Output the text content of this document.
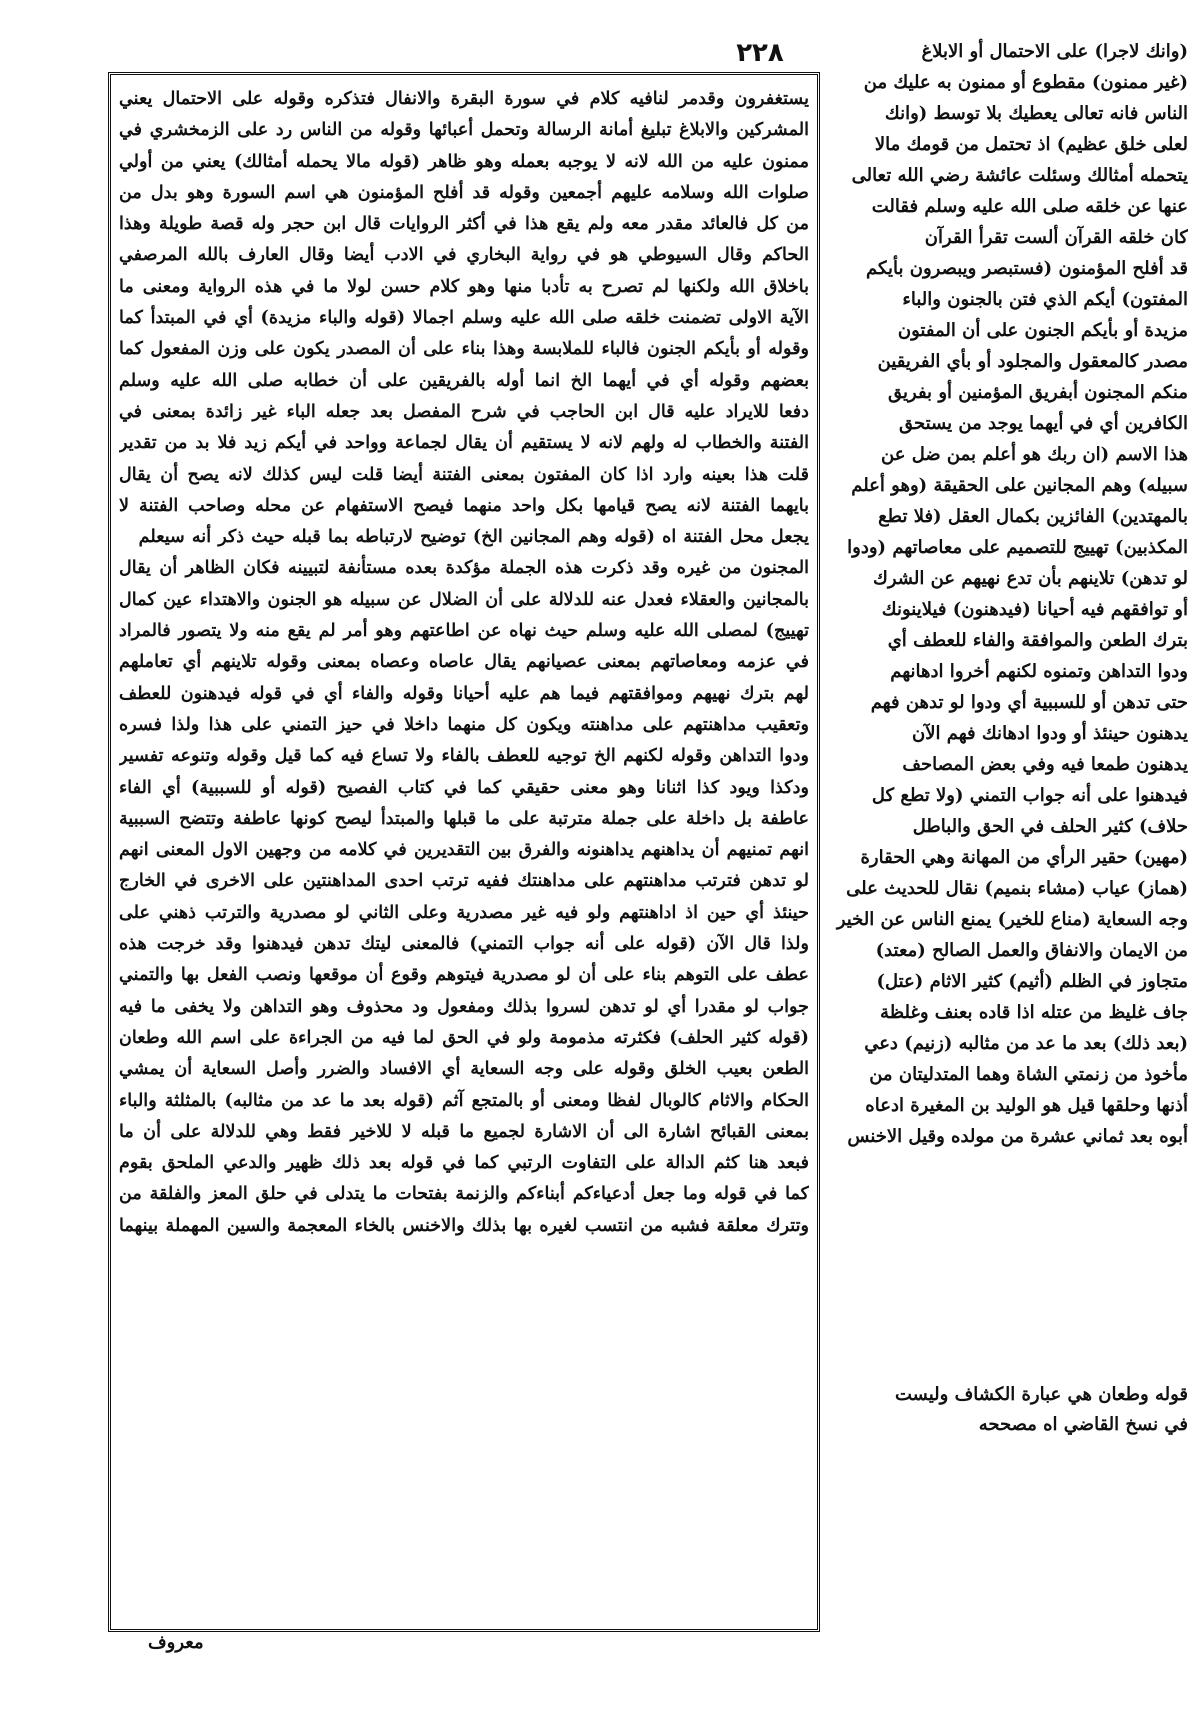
٢٢٨
يستغفرون وقدمر لنافيه كلام في سورة البقرة والانفال فتذكره وقوله على الاحتمال يعني
المشركين والابلاغ تبليغ أمانة الرسالة وتحمل أعبائها وقوله من الناس رد على الزمخشري في
ممنون عليه من الله لانه لا يوجبه بعمله وهو ظاهر (قوله مالا يحمله أمثالك) يعني من أولي
صلوات الله وسلامه عليهم أجمعين وقوله قد أفلح المؤمنون هي اسم السورة وهو بدل من
من كل فالعائد مقدر معه ولم يقع هذا في أكثر الروايات قال ابن حجر وله قصة طويلة وهذا
الحاكم وقال السيوطي هو في رواية البخاري في الادب أيضا وقال العارف بالله المرصفي
باخلاق الله ولكنها لم تصرح به تأدبا منها وهو كلام حسن لولا ما في هذه الرواية ومعنى ما
الآية الاولى تضمنت خلقه صلى الله عليه وسلم اجمالا (قوله والباء مزيدة) أي في المبتدأ كما
وقوله أو بأيكم الجنون فالباء للملابسة وهذا بناء على أن المصدر يكون على وزن المفعول كما
بعضهم وقوله أي في أيهما الخ انما أوله بالفريقين على أن خطابه صلى الله عليه وسلم
دفعا للايراد عليه قال ابن الحاجب في شرح المفصل بعد جعله الباء غير زائدة بمعنى في
الفتنة والخطاب له ولهم لانه لا يستقيم أن يقال لجماعة وواحد في أيكم زيد فلا بد من تقدير
قلت هذا بعينه وارد اذا كان المفتون بمعنى الفتنة أيضا قلت ليس كذلك لانه يصح أن يقال
بايهما الفتنة لانه يصح قيامها بكل واحد منهما فيصح الاستفهام عن محله وصاحب الفتنة لا
يجعل محل الفتنة اه (قوله وهم المجانين الخ) توضيح لارتباطه بما قبله حيث ذكر أنه سيعلم
المجنون من غيره وقد ذكرت هذه الجملة مؤكدة بعده مستأنفة لتبيينه فكان الظاهر أن يقال
بالمجانين والعقلاء فعدل عنه للدلالة على أن الضلال عن سبيله هو الجنون والاهتداء عين كمال
تهييج) لمصلى الله عليه وسلم حيث نهاه عن اطاعتهم وهو أمر لم يقع منه ولا يتصور فالمراد
في عزمه ومعاصاتهم بمعنى عصيانهم يقال عاصاه وعصاه بمعنى وقوله تلاينهم أي تعاملهم
لهم بترك نهيهم وموافقتهم فيما هم عليه أحيانا وقوله والفاء أي في قوله فيدهنون للعطف
وتعقيب مداهنتهم على مداهنته ويكون كل منهما داخلا في حيز التمني على هذا ولذا فسره
ودوا التداهن وقوله لكنهم الخ توجيه للعطف بالفاء ولا تساع فيه كما قيل وقوله وتنوعه تفسير
ودكذا ويود كذا اثنانا وهو معنى حقيقي كما في كتاب الفصيح (قوله أو للسببية) أي الفاء
عاطفة بل داخلة على جملة مترتبة على ما قبلها والمبتدأ ليصح كونها عاطفة وتتضح السببية
انهم تمنيهم أن يداهنهم يداهنونه والفرق بين التقديرين في كلامه من وجهين الاول المعنى انهم
لو تدهن فترتب مداهنتهم على مداهنتك ففيه ترتب احدى المداهنتين على الاخرى في الخارج
حينئذ أي حين اذ اداهنتهم ولو فيه غير مصدرية وعلى الثاني لو مصدرية والترتب ذهني على
ولذا قال الآن (قوله على أنه جواب التمني) فالمعنى ليتك تدهن فيدهنوا وقد خرجت هذه
عطف على التوهم بناء على أن لو مصدرية فيتوهم وقوع أن موقعها ونصب الفعل بها والتمني
جواب لو مقدرا أي لو تدهن لسروا بذلك ومفعول ود محذوف وهو التداهن ولا يخفى ما فيه
(قوله كثير الحلف) فكثرته مذمومة ولو في الحق لما فيه من الجراءة على اسم الله وطعان
الطعن بعيب الخلق وقوله على وجه السعاية أي الافساد والضرر وأصل السعاية أن يمشي
الحكام والاثام كالوبال لفظا ومعنى أو بالمتجع آثم (قوله بعد ما عد من مثالبه) بالمثلثة والباء
بمعنى القبائح اشارة الى أن الاشارة لجميع ما قبله لا للاخير فقط وهي للدلالة على أن ما
فبعد هنا كثم الدالة على التفاوت الرتبي كما في قوله بعد ذلك ظهير والدعي الملحق بقوم
كما في قوله وما جعل أدعياءكم أبناءكم والزنمة بفتحات ما يتدلى في حلق المعز والفلقة من
وتترك معلقة فشبه من انتسب لغيره بها بذلك والاخنس بالخاء المعجمة والسين المهملة بينهما
(وانك لاجرا) على الاحتمال أو الابلاغ
(غير ممنون) مقطوع أو ممنون به عليك من
الناس فانه تعالى يعطيك بلا توسط (وانك
لعلى خلق عظيم) اذ تحتمل من قومك مالا
يتحمله أمثالك وسئلت عائشة رضي الله تعالى
عنها عن خلقه صلى الله عليه وسلم فقالت
كان خلقه القرآن ألست تقرأ القرآن
قد أفلح المؤمنون (فستبصر ويبصرون بأيكم
المفتون) أيكم الذي فتن بالجنون والباء
مزيدة أو بأيكم الجنون على أن المفتون
مصدر كالمعقول والمجلود أو بأي الفريقين
منكم المجنون أبفريق المؤمنين أو بفريق
الكافرين أي في أيهما يوجد من يستحق
هذا الاسم (ان ربك هو أعلم بمن ضل عن
سبيله) وهم المجانين على الحقيقة (وهو أعلم
بالمهتدين) الفائزين بكمال العقل (فلا تطع
المكذبين) تهييج للتصميم على معاصاتهم (ودوا
لو تدهن) تلاينهم بأن تدع نهيهم عن الشرك
أو توافقهم فيه أحيانا (فيدهنون) فيلاينونك
بترك الطعن والموافقة والفاء للعطف أي
ودوا التداهن وتمنوه لكنهم أخروا ادهانهم
حتى تدهن أو للسببية أي ودوا لو تدهن فهم
يدهنون حينئذ أو ودوا ادهانك فهم الآن
يدهنون طمعا فيه وفي بعض المصاحف
فيدهنوا على أنه جواب التمني (ولا تطع كل
حلاف) كثير الحلف في الحق والباطل
(مهين) حقير الرأي من المهانة وهي الحقارة
(هماز) عياب (مشاء بنميم) نقال للحديث على
وجه السعاية (مناع للخير) يمنع الناس عن الخير
من الايمان والانفاق والعمل الصالح (معتد)
متجاوز في الظلم (أثيم) كثير الاثام (عتل)
جاف غليظ من عتله اذا قاده بعنف وغلظة
(بعد ذلك) بعد ما عد من مثالبه (زنيم) دعي
مأخوذ من زنمتي الشاة وهما المتدليتان من
أذنها وحلقها قيل هو الوليد بن المغيرة ادعاه
أبوه بعد ثماني عشرة من مولده وقيل الاخنس
قوله وطعان هي عبارة الكشاف وليست
في نسخ القاضي اه مصححه
معروف
